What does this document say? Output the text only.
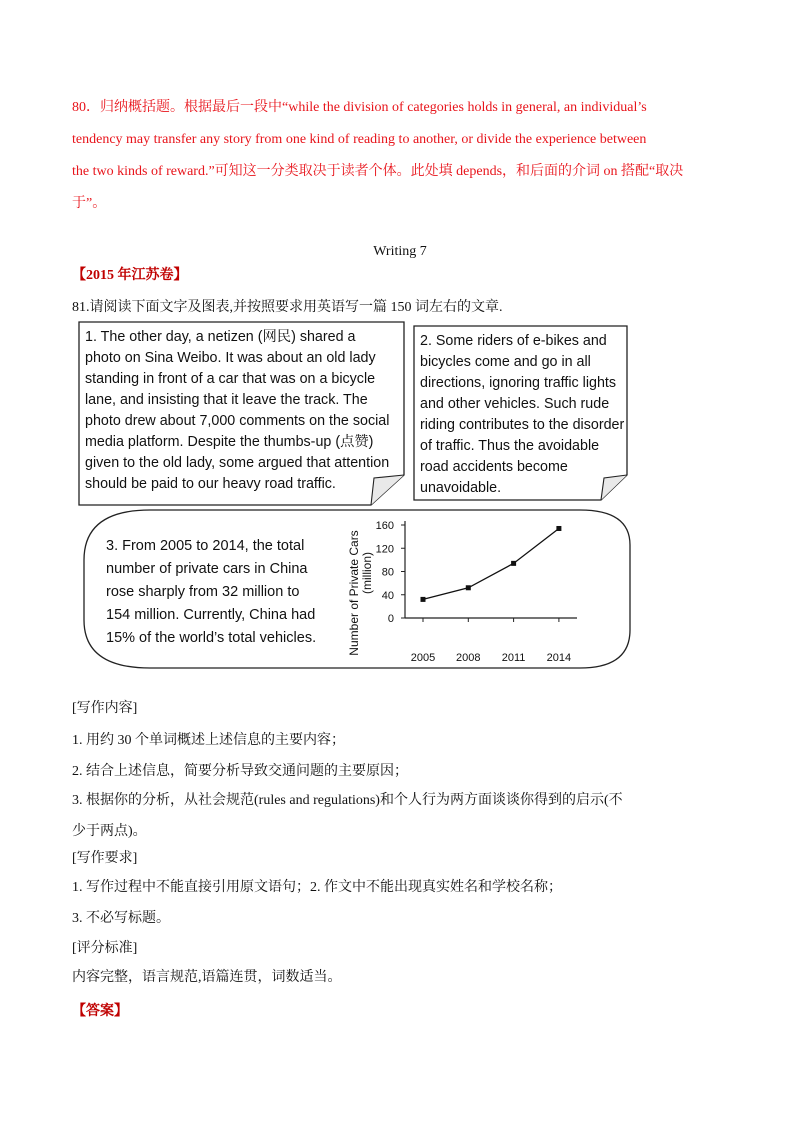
80．归纳概括题。根据最后一段中“while the division of categories holds in general, an individual’s
tendency may transfer any story from one kind of reading to another, or divide the experience between
the two kinds of reward.”可知这一分类取决于读者个体。此处填 depends，和后面的介词 on 搭配“取决
于”。
Writing 7
【2015 年江苏卷】
81.请阅读下面文字及图表,并按照要求用英语写一篇 150 词左右的文章.
1. The other day, a netizen (网民) shared a
photo on Sina Weibo. It was about an old lady
standing in front of a car that was on a bicycle
lane, and insisting that it leave the track. The
photo drew about 7,000 comments on the social
media platform. Despite the thumbs-up (点赞)
given to the old lady, some argued that attention
should be paid to our heavy road traffic.
2. Some riders of e-bikes and
bicycles come and go in all
directions, ignoring traffic lights
and other vehicles. Such rude
riding contributes to the disorder
of traffic. Thus the avoidable
road accidents become
unavoidable.
3. From 2005 to 2014, the total
number of private cars in China
rose sharply from 32 million to
154 million. Currently, China had
15% of the world’s total vehicles.
0
40
80
120
160
2005 2008 2011 2014
Number of Private Cars (million)
[写作内容]
1. 用约 30 个单词概述上述信息的主要内容；
2. 结合上述信息，简要分析导致交通问题的主要原因；
3. 根据你的分析，从社会规范(rules and regulations)和个人行为两方面谈谈你得到的启示(不
少于两点)。
[写作要求]
1. 写作过程中不能直接引用原文语句；2. 作文中不能出现真实姓名和学校名称；
3. 不必写标题。
[评分标准]
内容完整，语言规范,语篇连贯，词数适当。
【答案】
